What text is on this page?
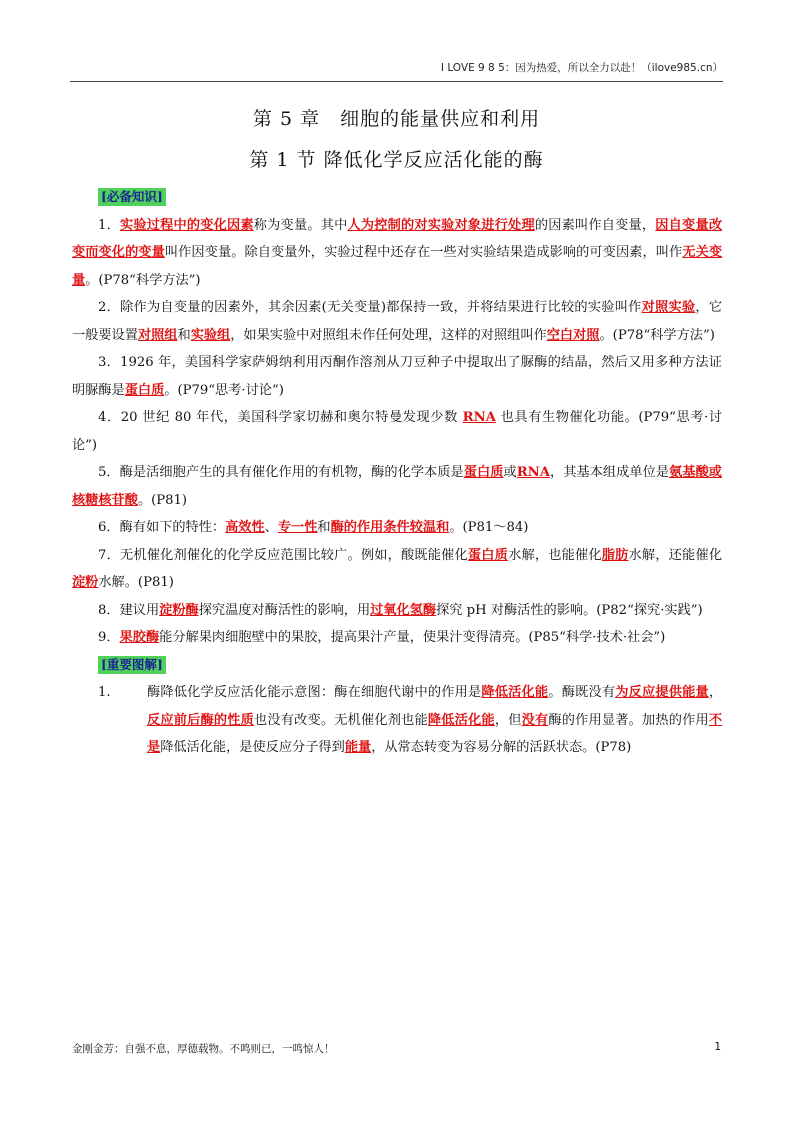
I LOVE 9 8 5：因为热爱，所以全力以赴！（ilove985.cn）
第 5 章　细胞的能量供应和利用
第 1 节 降低化学反应活化能的酶
[必备知识]

1．实验过程中的变化因素称为变量。其中人为控制的对实验对象进行处理的因素叫作自变量，因自变量改变而变化的变量叫作因变量。除自变量外，实验过程中还存在一些对实验结果造成影响的可变因素，叫作无关变量。(P78“科学方法”)

2．除作为自变量的因素外，其余因素(无关变量)都保持一致，并将结果进行比较的实验叫作对照实验，它一般要设置对照组和实验组，如果实验中对照组未作任何处理，这样的对照组叫作空白对照。(P78“科学方法”)

3．1926 年，美国科学家萨姆纳利用丙酮作溶剂从刀豆种子中提取出了脲酶的结晶，然后又用多种方法证明脲酶是蛋白质。(P79“思考·讨论”)

4．20 世纪 80 年代，美国科学家切赫和奥尔特曼发现少数 RNA 也具有生物催化功能。(P79“思考·讨论”)

5．酶是活细胞产生的具有催化作用的有机物，酶的化学本质是蛋白质或RNA，其基本组成单位是氨基酸或核糖核苷酸。(P81)

6．酶有如下的特性：高效性、专一性和酶的作用条件较温和。(P81～84)

7．无机催化剂催化的化学反应范围比较广。例如，酸既能催化蛋白质水解，也能催化脂肪水解，还能催化淀粉水解。(P81)

8．建议用淀粉酶探究温度对酶活性的影响，用过氧化氢酶探究 pH 对酶活性的影响。(P82“探究·实践”)

9．果胶酶能分解果肉细胞壁中的果胶，提高果汁产量，使果汁变得清亮。(P85“科学·技术·社会”)

[重要图解]
1.	酶降低化学反应活化能示意图：酶在细胞代谢中的作用是降低活化能。酶既没有为反应提供能量，反应前后酶的性质也没有改变。无机催化剂也能降低活化能，但没有酶的作用显著。加热的作用不是降低活化能，是使反应分子得到能量，从常态转变为容易分解的活跃状态。(P78)
金刚金芳：自强不息，厚德载物。不鸣则已，一鸣惊人！	1
